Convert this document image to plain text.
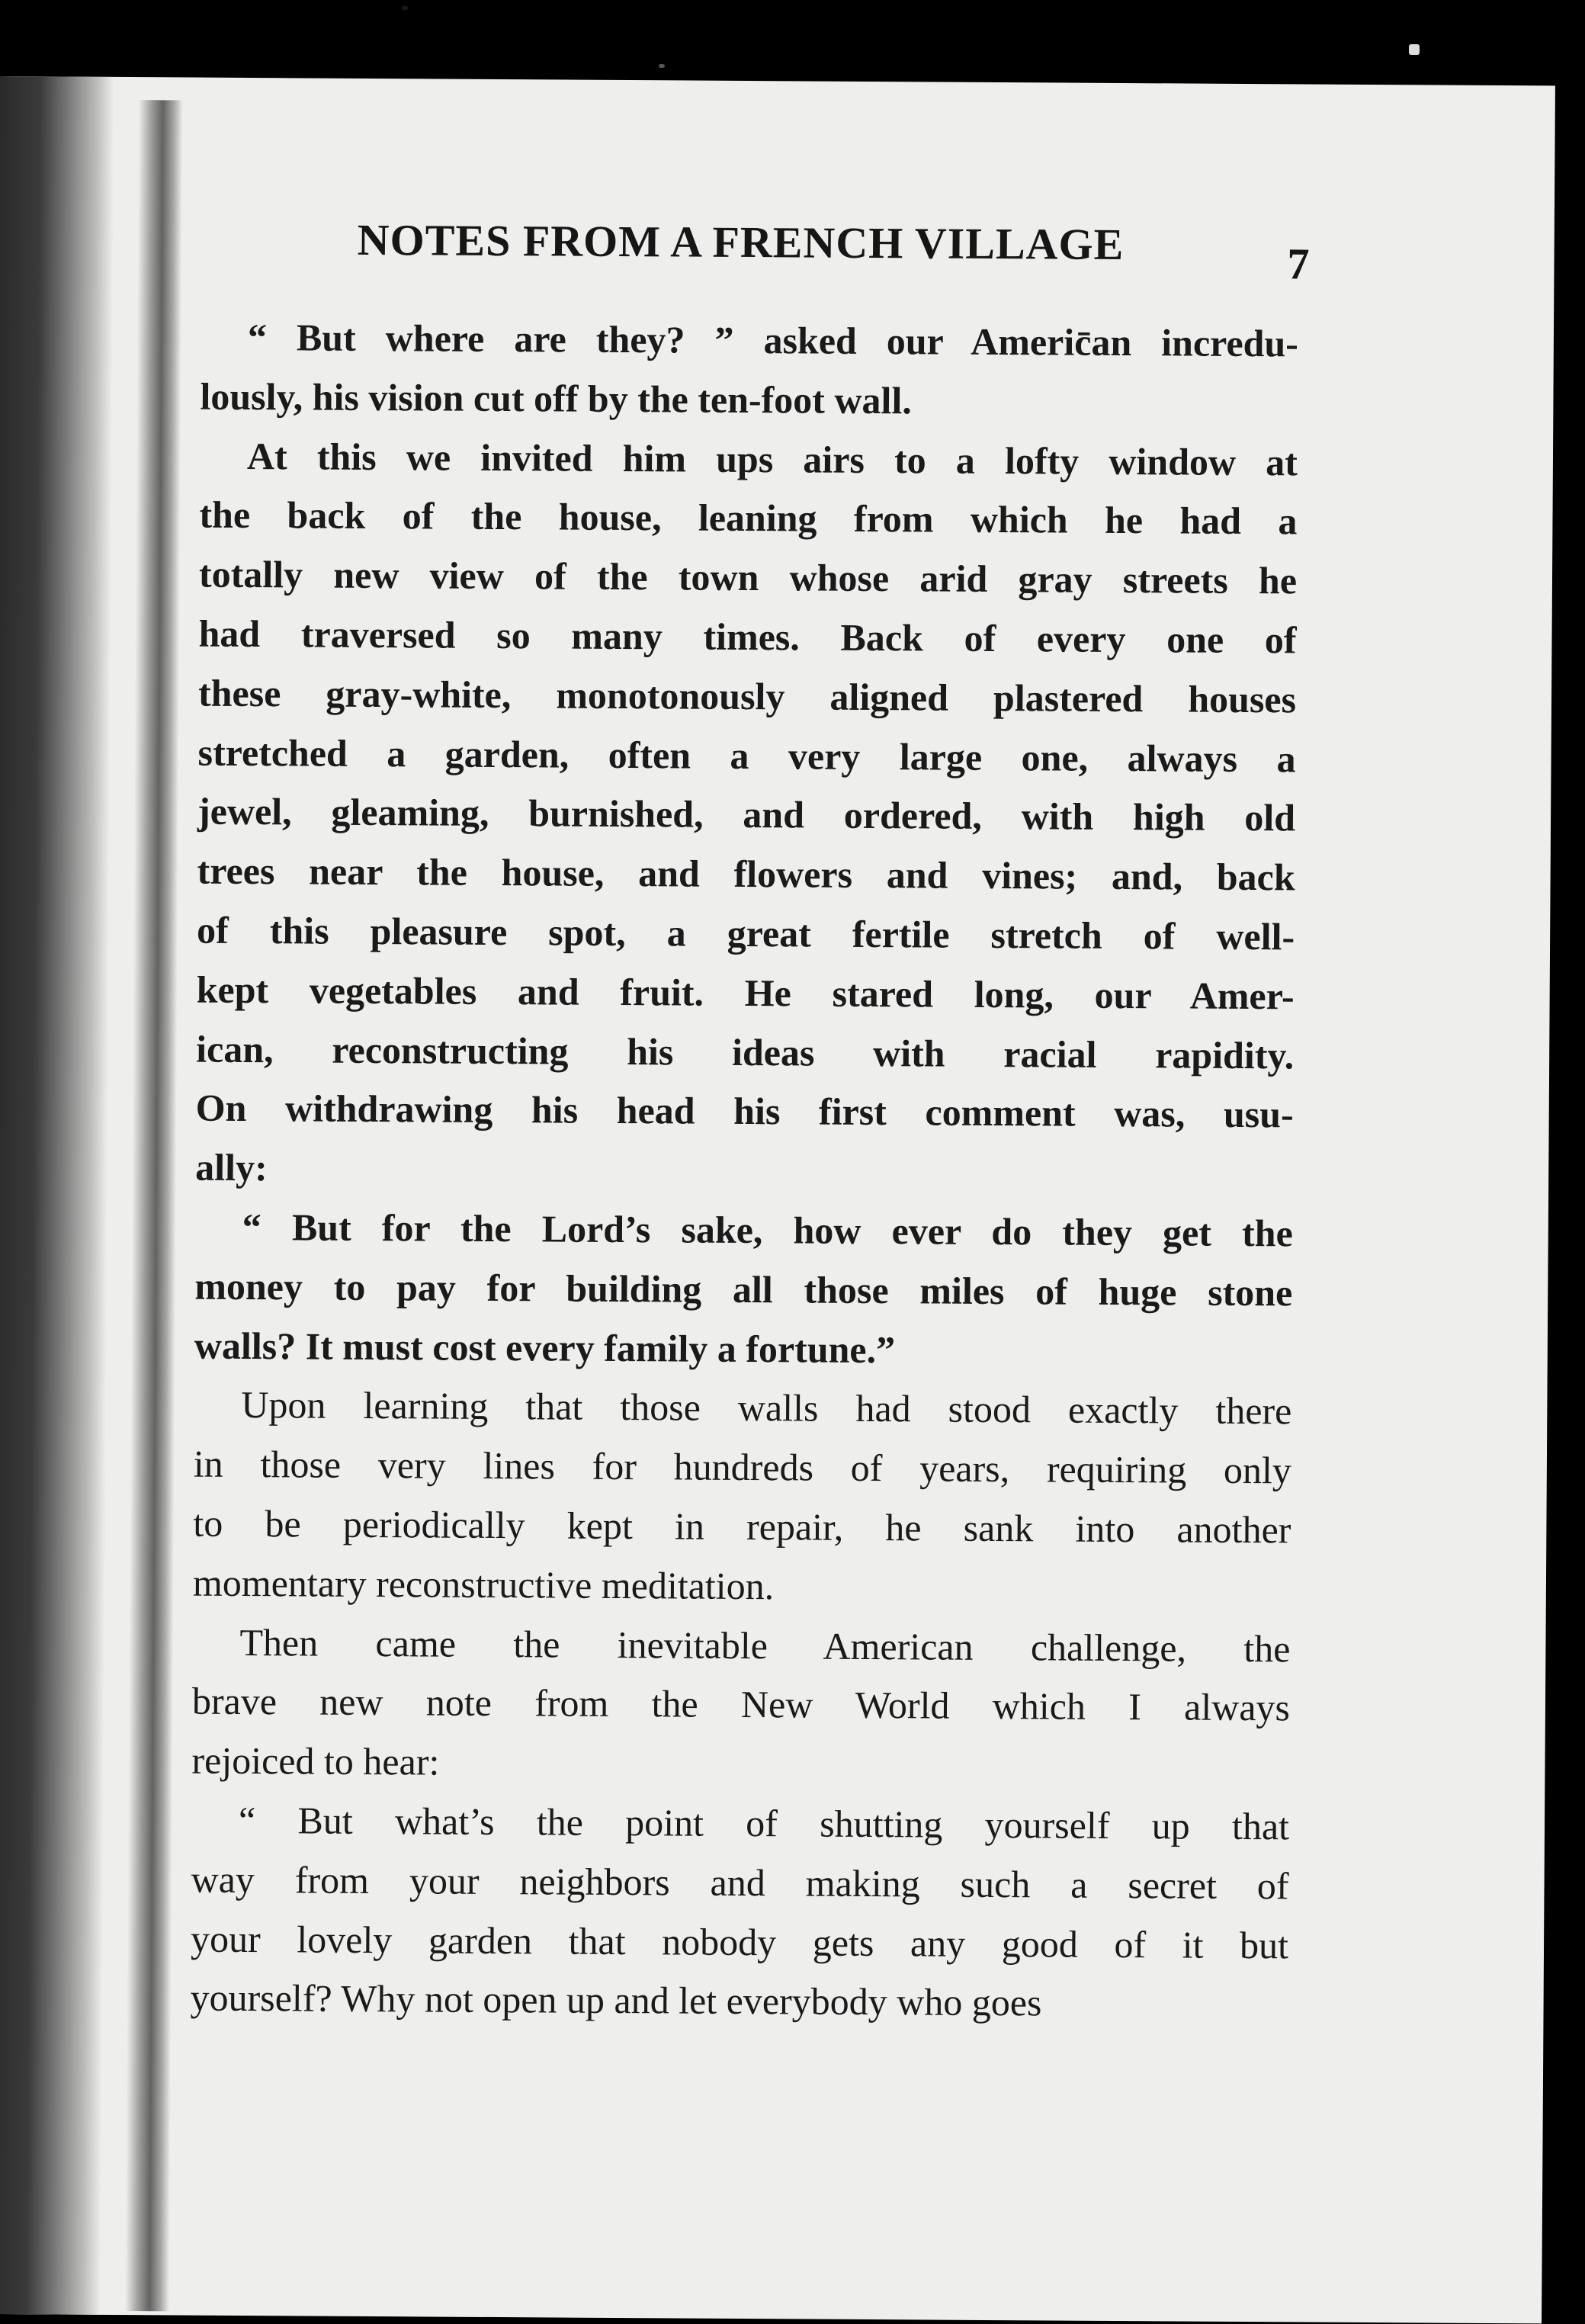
NOTES FROM A FRENCH VILLAGE	7
“ But where are they? ” asked our Americ̄an incredu-
lously, his vision cut off by the ten-foot wall.
At this we invited him ups airs to a lofty window at
the back of the house, leaning from which he had a
totally new view of the town whose arid gray streets he
had traversed so many times. Back of every one of
these gray-white, monotonously aligned plastered houses
stretched a garden, often a very large one, always a
jewel, gleaming, burnished, and ordered, with high old
trees near the house, and flowers and vines; and, back
of this pleasure spot, a great fertile stretch of well-
kept vegetables and fruit. He stared long, our Amer-
ican, reconstructing his ideas with racial rapidity.
On withdrawing his head his first comment was, usu-
ally:
“ But for the Lord’s sake, how ever do they get the
money to pay for building all those miles of huge stone
walls? It must cost every family a fortune.”
Upon learning that those walls had stood exactly there
in those very lines for hundreds of years, requiring only
to be periodically kept in repair, he sank into another
momentary reconstructive meditation.
Then came the inevitable American challenge, the
brave new note from the New World which I always
rejoiced to hear:
“ But what’s the point of shutting yourself up that
way from your neighbors and making such a secret of
your lovely garden that nobody gets any good of it but
yourself? Why not open up and let everybody who goes
